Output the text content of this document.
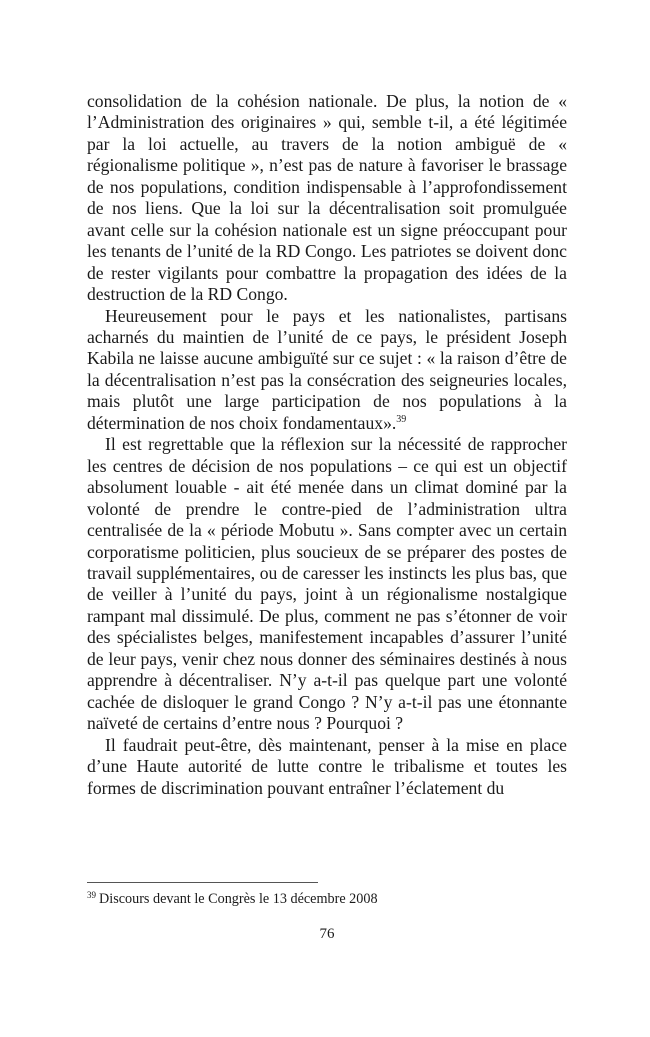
consolidation de la cohésion nationale. De plus, la notion de « l’Administration des originaires » qui, semble t-il, a été légitimée par la loi actuelle, au travers de la notion ambiguë de « régionalisme politique », n’est pas de nature à favoriser le brassage de nos populations, condition indispensable à l’approfondissement de nos liens. Que la loi sur la décentralisation soit promulguée avant celle sur la cohésion nationale est un signe préoccupant pour les tenants de l’unité de la RD Congo. Les patriotes se doivent donc de rester vigilants pour combattre la propagation des idées de la destruction de la RD Congo.

Heureusement pour le pays et les nationalistes, partisans acharnés du maintien de l’unité de ce pays, le président Joseph Kabila ne laisse aucune ambiguïté sur ce sujet : « la raison d’être de la décentralisation n’est pas la consécration des seigneuries locales, mais plutôt une large participation de nos populations à la détermination de nos choix fondamentaux».$^{39}$

Il est regrettable que la réflexion sur la nécessité de rapprocher les centres de décision de nos populations – ce qui est un objectif absolument louable - ait été menée dans un climat dominé par la volonté de prendre le contre-pied de l’administration ultra centralisée de la « période Mobutu ». Sans compter avec un certain corporatisme politicien, plus soucieux de se préparer des postes de travail supplémentaires, ou de caresser les instincts les plus bas, que de veiller à l’unité du pays, joint à un régionalisme nostalgique rampant mal dissimulé. De plus, comment ne pas s’étonner de voir des spécialistes belges, manifestement incapables d’assurer l’unité de leur pays, venir chez nous donner des séminaires destinés à nous apprendre à décentraliser. N’y a-t-il pas quelque part une volonté cachée de disloquer le grand Congo ? N’y a-t-il pas une étonnante naïveté de certains d’entre nous ? Pourquoi ?

Il faudrait peut-être, dès maintenant, penser à la mise en place d’une Haute autorité de lutte contre le tribalisme et toutes les formes de discrimination pouvant entraîner l’éclatement du

$^{39}$ Discours devant le Congrès le 13 décembre 2008
76
